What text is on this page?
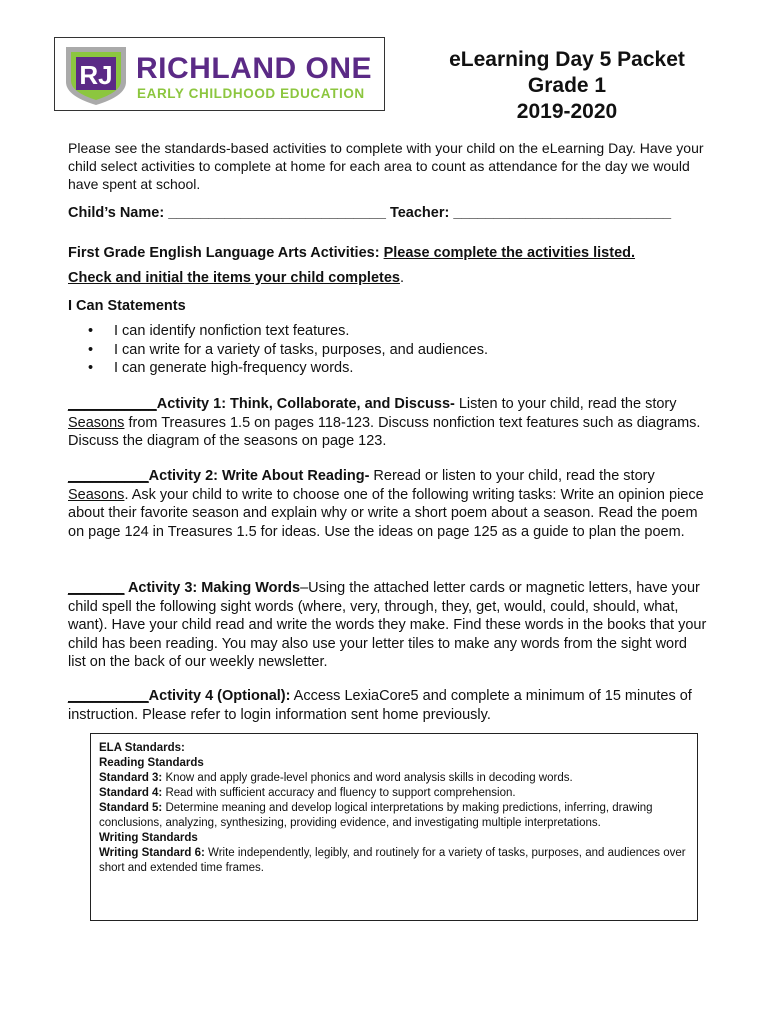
RJ RICHLAND ONE
EARLY CHILDHOOD EDUCATION
eLearning Day 5 Packet
Grade 1
2019-2020
Please see the standards-based activities to complete with your child on the eLearning Day. Have your child select activities to complete at home for each area to count as attendance for the day we would have spent at school.
Child’s Name: ___________________________ Teacher: ___________________________
First Grade English Language Arts Activities: Please complete the activities listed.
Check and initial the items your child completes.
I Can Statements
• I can identify nonfiction text features.
• I can write for a variety of tasks, purposes, and audiences.
• I can generate high-frequency words.
___________Activity 1: Think, Collaborate, and Discuss- Listen to your child, read the story Seasons from Treasures 1.5 on pages 118-123. Discuss nonfiction text features such as diagrams. Discuss the diagram of the seasons on page 123.
__________Activity 2: Write About Reading- Reread or listen to your child, read the story Seasons. Ask your child to write to choose one of the following writing tasks: Write an opinion piece about their favorite season and explain why or write a short poem about a season. Read the poem on page 124 in Treasures 1.5 for ideas. Use the ideas on page 125 as a guide to plan the poem.
_______ Activity 3: Making Words–Using the attached letter cards or magnetic letters, have your child spell the following sight words (where, very, through, they, get, would, could, should, what, want). Have your child read and write the words they make. Find these words in the books that your child has been reading. You may also use your letter tiles to make any words from the sight word list on the back of our weekly newsletter.
__________Activity 4 (Optional): Access LexiaCore5 and complete a minimum of 15 minutes of instruction. Please refer to login information sent home previously.
ELA Standards:
Reading Standards
Standard 3: Know and apply grade-level phonics and word analysis skills in decoding words.
Standard 4: Read with sufficient accuracy and fluency to support comprehension.
Standard 5: Determine meaning and develop logical interpretations by making predictions, inferring, drawing conclusions, analyzing, synthesizing, providing evidence, and investigating multiple interpretations.
Writing Standards
Writing Standard 6: Write independently, legibly, and routinely for a variety of tasks, purposes, and audiences over short and extended time frames.
